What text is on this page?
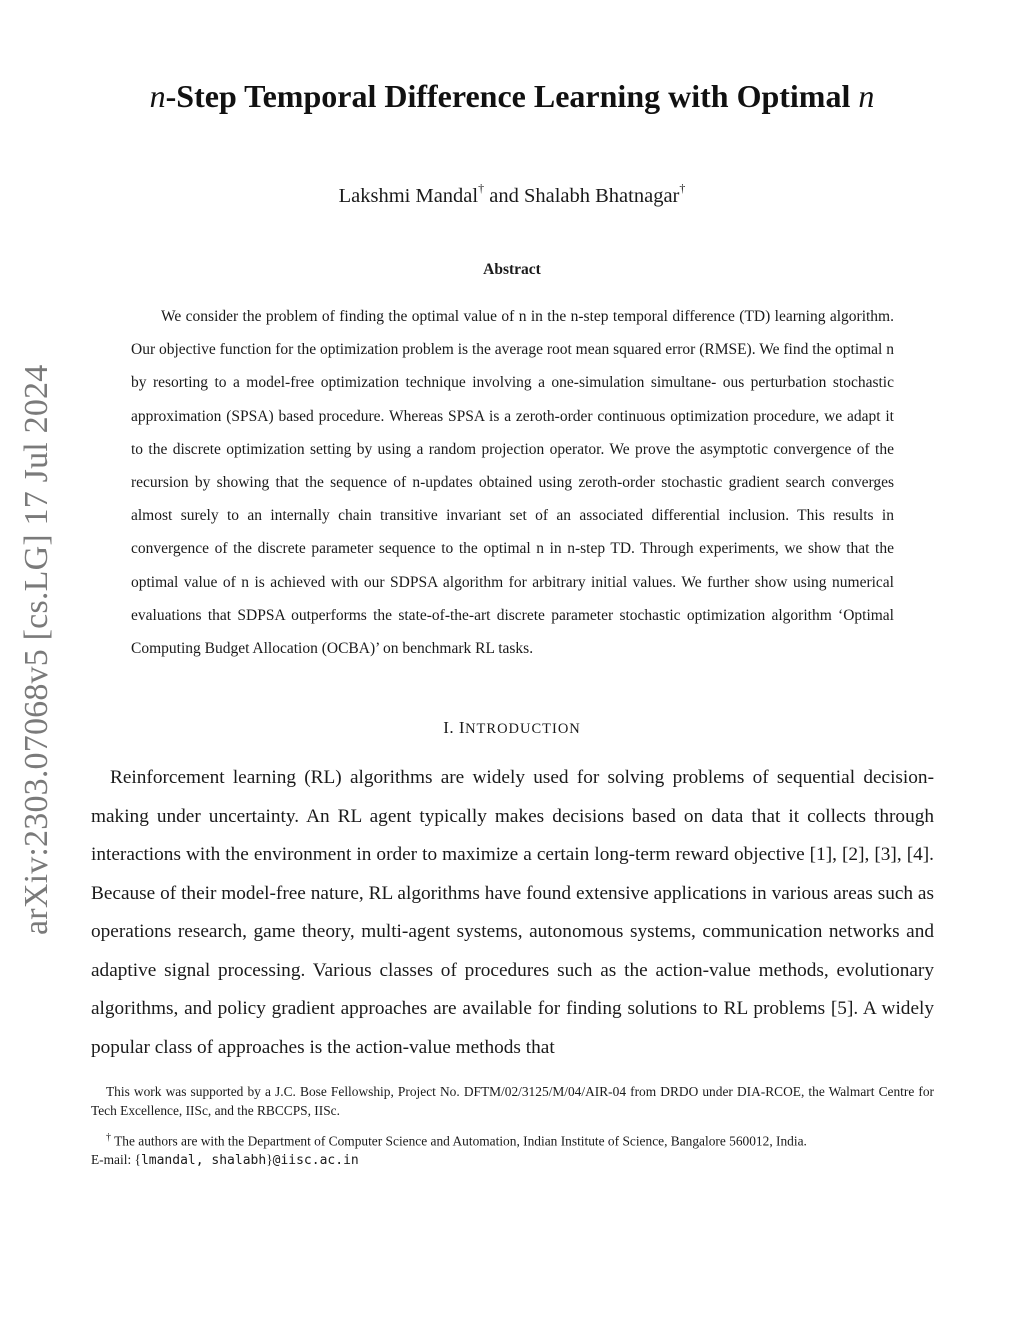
arXiv:2303.07068v5 [cs.LG] 17 Jul 2024
n-Step Temporal Difference Learning with Optimal n
Lakshmi Mandal† and Shalabh Bhatnagar†
Abstract
We consider the problem of finding the optimal value of n in the n-step temporal difference (TD) learning algorithm. Our objective function for the optimization problem is the average root mean squared error (RMSE). We find the optimal n by resorting to a model-free optimization technique involving a one-simulation simultane- ous perturbation stochastic approximation (SPSA) based procedure. Whereas SPSA is a zeroth-order continuous optimization procedure, we adapt it to the discrete optimization setting by using a random projection operator. We prove the asymptotic convergence of the recursion by showing that the sequence of n-updates obtained using zeroth-order stochastic gradient search converges almost surely to an internally chain transitive invariant set of an associated differential inclusion. This results in convergence of the discrete parameter sequence to the optimal n in n-step TD. Through experiments, we show that the optimal value of n is achieved with our SDPSA algorithm for arbitrary initial values. We further show using numerical evaluations that SDPSA outperforms the state-of-the-art discrete parameter stochastic optimization algorithm ‘Optimal Computing Budget Allocation (OCBA)’ on benchmark RL tasks.
I. INTRODUCTION
Reinforcement learning (RL) algorithms are widely used for solving problems of sequential decision-making under uncertainty. An RL agent typically makes decisions based on data that it collects through interactions with the environment in order to maximize a certain long-term reward objective [1], [2], [3], [4]. Because of their model-free nature, RL algorithms have found extensive applications in various areas such as operations research, game theory, multi-agent systems, autonomous systems, communication networks and adaptive signal processing. Various classes of procedures such as the action-value methods, evolutionary algorithms, and policy gradient approaches are available for finding solutions to RL problems [5]. A widely popular class of approaches is the action-value methods that

This work was supported by a J.C. Bose Fellowship, Project No. DFTM/02/3125/M/04/AIR-04 from DRDO under DIA-RCOE, the Walmart Centre for Tech Excellence, IISc, and the RBCCPS, IISc.

† The authors are with the Department of Computer Science and Automation, Indian Institute of Science, Bangalore 560012, India.
E-mail: {lmandal, shalabh}@iisc.ac.in
